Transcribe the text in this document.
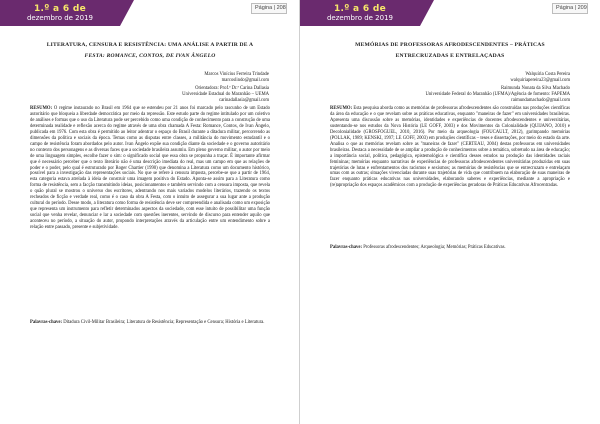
1.º a 6 de
dezembro de 2019
Página | 208
LITERATURA, CENSURA E RESISTÊNCIA: UMA ANÁLISE A PARTIR DE A
FESTA: ROMANCE, CONTOS, DE IVAN ÂNGELO
Marcos Vinícius Ferreira Trindade
marcoslindo@gmail.com
Orientadora: Prof.ª Dr.ª Carina Dallasia
Universidade Estadual do Maranhão – UEMA
carinadallasia@gmail.com
RESUMO: O regime instaurado no Brasil em 1964 que se estendeu por 21 anos foi marcado pelo rascunho de um Estado autoritário que bloqueia a liberdade democrática por meio da repressão. Este estudo parte do regime intitulado por um coletivo de análises e formas que o uso da Literatura pode ser percebido como uma condição de conhecimento para a construção de uma determinada realidade e reflexão acerca do regime através de uma obra chamada A Festa: Romance, Contos, de Ivan Ângelo, publicada em 1976. Com esta obra é permitido ao leitor adentrar o espaço do Brasil durante a ditadura militar, percorrendo as dimensões da política e sociais da época. Temas como as disputas entre classes, a militância do movimento estudantil e o campo de resistência foram abordados pelo autor. Ivan Ângelo expõe sua condição diante da sociedade e o governo autoritário no contexto dos personagens e as diversas faces que a sociedade brasileira assumiu. Em pleno governo militar, o autor por meio de uma linguagem simples, escolhe fazer o sim: o significado social que essa obra se propunha a traçar. É importante afirmar que é necessário perceber que o texto literário não é uma descrição imediata do real, mas um campo em que as relações de poder e o poder, pelo qual é estruturado por Roger Chartier (1990) que denomina a Literatura como um documento histórico, possível para a investigação das representações sociais. No que se refere à censura imposta, percebe-se que a partir de 1964, esta categoria estava atrelada à ideia de construir uma imagem positiva do Estado. Aponta-se assim para a Literatura como forma de resistência, sem a facção transmitindo ideias, posicionamentos e também servindo com a censura imposta, que revela o quão plural se mostrou o universo dos escritores, adentrando nos mais variados modelos literários, trazendo os textos recheados de ficção e verdade real, como é o caso da obra A Festa, com o intuito de assegurar a sua lugar ante a produção cultural do período. Desse modo, a literatura como forma de resistência deve ser compreendida e analisada como um exposição que representa um instrumento para refletir determinados aspectos da sociedade, com esse intuito de possibilitar uma função social que venha revelar, denunciar e lar a sociedade com questões inerentes, servindo de discurso para entender aquilo que aconteceu no período, a situação do autor, propondo interpretações através da articulação entre um entendimento sobre a relação entre passado, presente e subjetividade.
Palavras-chave: Ditadura Civil-Militar Brasileira; Literatura de Resistência; Representação e Censura; História e Literatura.
1.º a 6 de
dezembro de 2019
Página | 209
MEMÓRIAS DE PROFESSORAS AFRODESCENDENTES – PRÁTICAS
ENTRECRUZADAS E ENTRELAÇADAS
Walquíria Costa Pereira
walquiriapereira23@gmail.com
Raimunda Nonata da Silva Machado
Universidade Federal do Maranhão (UFMA)/Agência de fomento: FAPEMA
raimundamachado@gmail.com
RESUMO: Esta pesquisa aborda como as memórias de professoras afrodescendentes são construídas nas produções científicas da área da educação e o que revelam sobre as práticas educativas, enquanto "maneiras de fazer" em universidades brasileiras. Apresenta uma discussão sobre as memórias, identidades e experiências de docentes afrodescendentes e universitárias, sustentando-se nos estudos da Nova História (LE GOFF, 2003) e dos Movimentos da Colonialidade (QUIJANO, 2010) e Decolonialidade (GROSFOGUEL, 2010, 2016). Por meio da arqueologia (FOUCAULT, 2012), garimpando memórias (POLLAK, 1989; KENSKI, 1997; LE GOFF, 2003) em produções científicas – teses e dissertações, por meio do estado da arte. Analisa o que as memórias revelam sobre as "maneiras de fazer" (CERTEAU, 2004) destas professoras em universidades brasileiras. Destaca a necessidade de se ampliar a produção de conhecimentos sobre a temática, sobretudo na área de educação; a importância social, política, pedagógica, epistemológica e científica desses estudos na produção das identidades raciais femininas; memórias enquanto narrativas de experiências de professoras afrodescendentes universitárias produzidas em suas trajetórias de lutas e enfrentamentos dos racismos e sexismos; as memórias de resistências que se entrecruzam e entrelaçam umas com as outras; situações vivenciadas durante suas trajetórias de vida que contribuem na elaboração de suas maneiras de fazer enquanto práticas educativas nas universidades, elaborando saberes e experiências, mediante a apropriação e (re)apropriação dos espaços acadêmicos com a produção de experiências geradoras de Práticas Educativas Afrocentradas.
Palavras-chave: Professoras afrodescendentes; Arqueologia; Memórias; Práticas Educativas.
